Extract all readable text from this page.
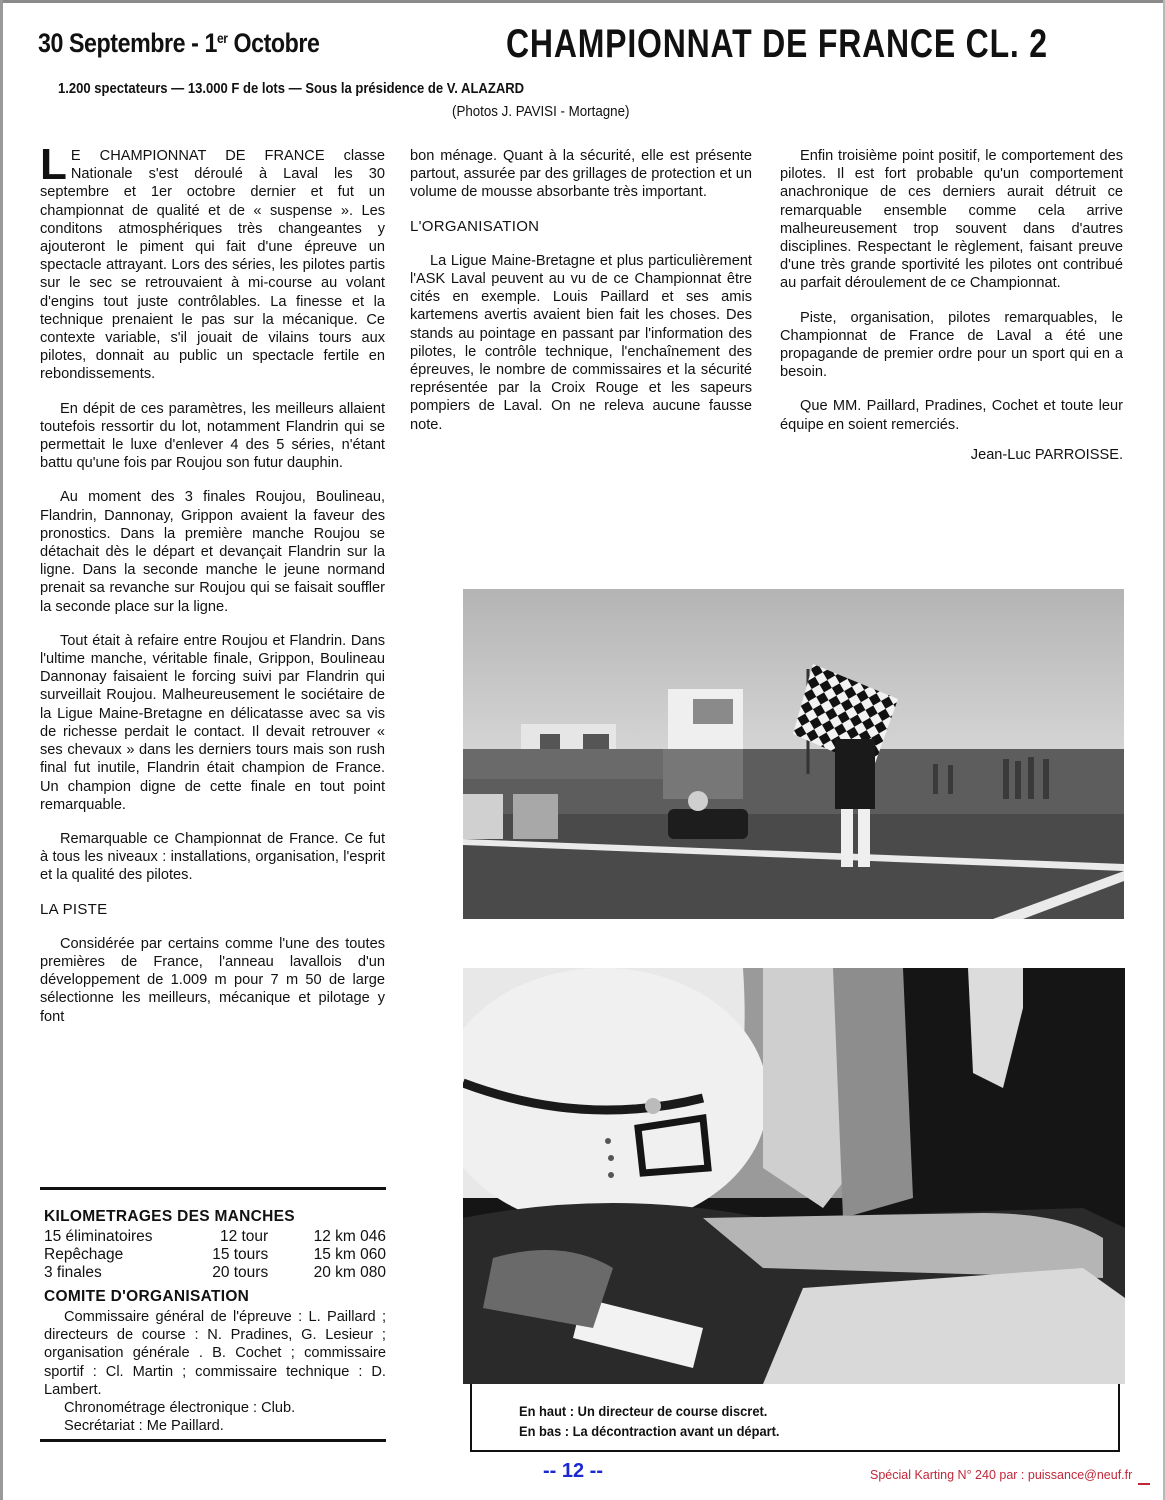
30 Septembre - 1er Octobre	CHAMPIONNAT DE FRANCE CL. 2
1.200 spectateurs — 13.000 F de lots — Sous la présidence de V. ALAZARD
(Photos J. PAVISI - Mortagne)

L E CHAMPIONNAT DE FRANCE classe Nationale s'est déroulé à Laval les 30 septembre et 1er octobre dernier et fut un championnat de qualité et de « suspense ». Les conditons atmosphériques très changeantes y ajouteront le piment qui fait d'une épreuve un spectacle attrayant. Lors des séries, les pilotes partis sur le sec se retrouvaient à mi-course au volant d'engins tout juste contrôlables. La finesse et la technique prenaient le pas sur la mécanique. Ce contexte variable, s'il jouait de vilains tours aux pilotes, donnait au public un spectacle fertile en rebondissements.

En dépit de ces paramètres, les meilleurs allaient toutefois ressortir du lot, notamment Flandrin qui se permettait le luxe d'enlever 4 des 5 séries, n'étant battu qu'une fois par Roujou son futur dauphin.

Au moment des 3 finales Roujou, Boulineau, Flandrin, Dannonay, Grippon avaient la faveur des pronostics. Dans la première manche Roujou se détachait dès le départ et devançait Flandrin sur la ligne. Dans la seconde manche le jeune normand prenait sa revanche sur Roujou qui se faisait souffler la seconde place sur la ligne.

Tout était à refaire entre Roujou et Flandrin. Dans l'ultime manche, véritable finale, Grippon, Boulineau Dannonay faisaient le forcing suivi par Flandrin qui surveillait Roujou. Malheureusement le sociétaire de la Ligue Maine-Bretagne en délicatasse avec sa vis de richesse perdait le contact. Il devait retrouver « ses chevaux » dans les derniers tours mais son rush final fut inutile, Flandrin était champion de France. Un champion digne de cette finale en tout point remarquable.

Remarquable ce Championnat de France. Ce fut à tous les niveaux : installations, organisation, l'esprit et la qualité des pilotes.

LA PISTE

Considérée par certains comme l'une des toutes premières de France, l'anneau lavallois d'un développement de 1.009 m pour 7 m 50 de large sélectionne les meilleurs, mécanique et pilotage y font

bon ménage. Quant à la sécurité, elle est présente partout, assurée par des grillages de protection et un volume de mousse absorbante très important.

L'ORGANISATION

La Ligue Maine-Bretagne et plus particulièrement l'ASK Laval peuvent au vu de ce Championnat être cités en exemple. Louis Paillard et ses amis kartemens avertis avaient bien fait les choses. Des stands au pointage en passant par l'information des pilotes, le contrôle technique, l'enchaînement des épreuves, le nombre de commissaires et la sécurité représentée par la Croix Rouge et les sapeurs pompiers de Laval. On ne releva aucune fausse note.

Enfin troisième point positif, le comportement des pilotes. Il est fort probable qu'un comportement anachronique de ces derniers aurait détruit ce remarquable ensemble comme cela arrive malheureusement trop souvent dans d'autres disciplines. Respectant le règlement, faisant preuve d'une très grande sportivité les pilotes ont contribué au parfait déroulement de ce Championnat.

Piste, organisation, pilotes remarquables, le Championnat de France de Laval a été une propagande de premier ordre pour un sport qui en a besoin.

Que MM. Paillard, Pradines, Cochet et toute leur équipe en soient remerciés.

Jean-Luc PARROISSE.
KILOMETRAGES DES MANCHES
15 éliminatoires	12 tour	12 km 046
Repêchage	15 tours	15 km 060
3 finales	20 tours	20 km 080
COMITE D'ORGANISATION

Commissaire général de l'épreuve : L. Paillard ; directeurs de course : N. Pradines, G. Lesieur ; organisation générale . B. Cochet ; commissaire sportif : Cl. Martin ; commissaire technique : D. Lambert.

Chronométrage électronique : Club.

Secrétariat : Me Paillard.

En haut : Un directeur de course discret.
En bas : La décontraction avant un départ.
-- 12 --	Spécial Karting N° 240 par : puissance@neuf.fr
